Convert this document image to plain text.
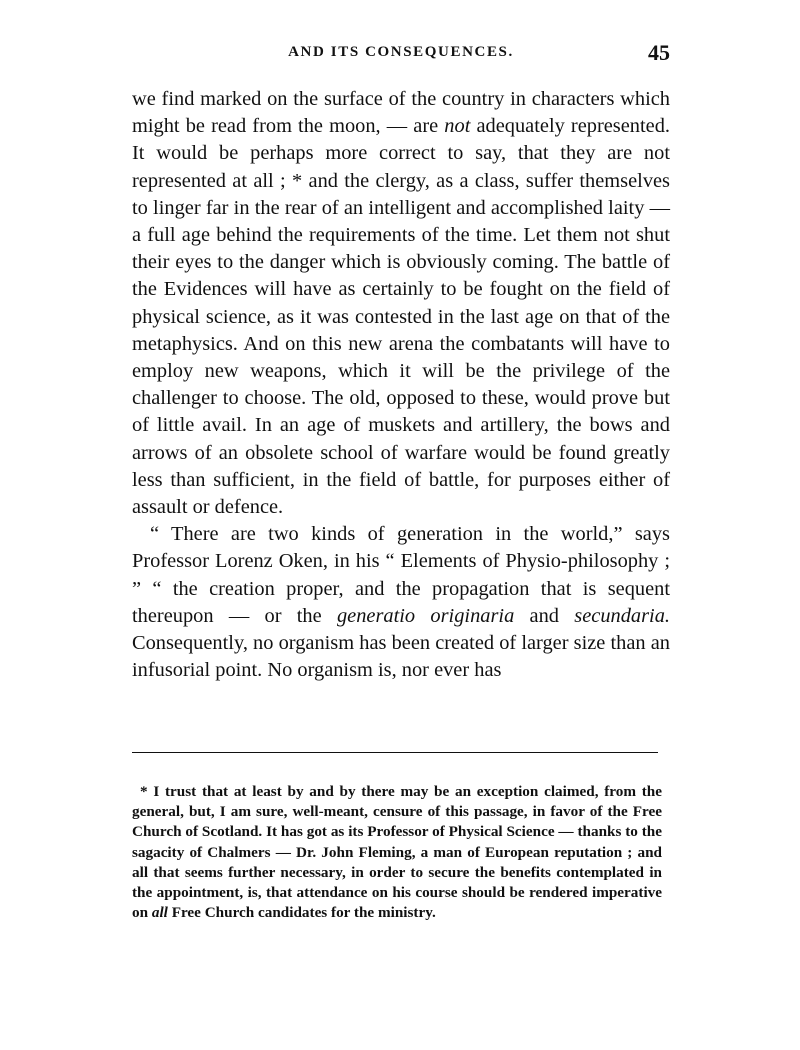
AND ITS CONSEQUENCES.	45

we find marked on the surface of the country in characters which might be read from the moon, — are not adequately represented. It would be perhaps more correct to say, that they are not represented at all ; * and the clergy, as a class, suffer themselves to linger far in the rear of an intelligent and accomplished laity — a full age behind the requirements of the time. Let them not shut their eyes to the danger which is obviously coming. The battle of the Evidences will have as certainly to be fought on the field of physical science, as it was contested in the last age on that of the metaphysics. And on this new arena the combatants will have to employ new weapons, which it will be the privilege of the challenger to choose. The old, opposed to these, would prove but of little avail. In an age of muskets and artillery, the bows and arrows of an obsolete school of warfare would be found greatly less than sufficient, in the field of battle, for purposes either of assault or defence.

“ There are two kinds of generation in the world,” says Professor Lorenz Oken, in his “ Elements of Physio-philosophy ; ” “ the creation proper, and the propagation that is sequent thereupon — or the generatio originaria and secundaria. Consequently, no organism has been created of larger size than an infusorial point. No organism is, nor ever has

* I trust that at least by and by there may be an exception claimed, from the general, but, I am sure, well-meant, censure of this passage, in favor of the Free Church of Scotland. It has got as its Professor of Physical Science — thanks to the sagacity of Chalmers — Dr. John Fleming, a man of European reputation ; and all that seems further necessary, in order to secure the benefits contemplated in the appointment, is, that attendance on his course should be rendered imperative on all Free Church candidates for the ministry.
